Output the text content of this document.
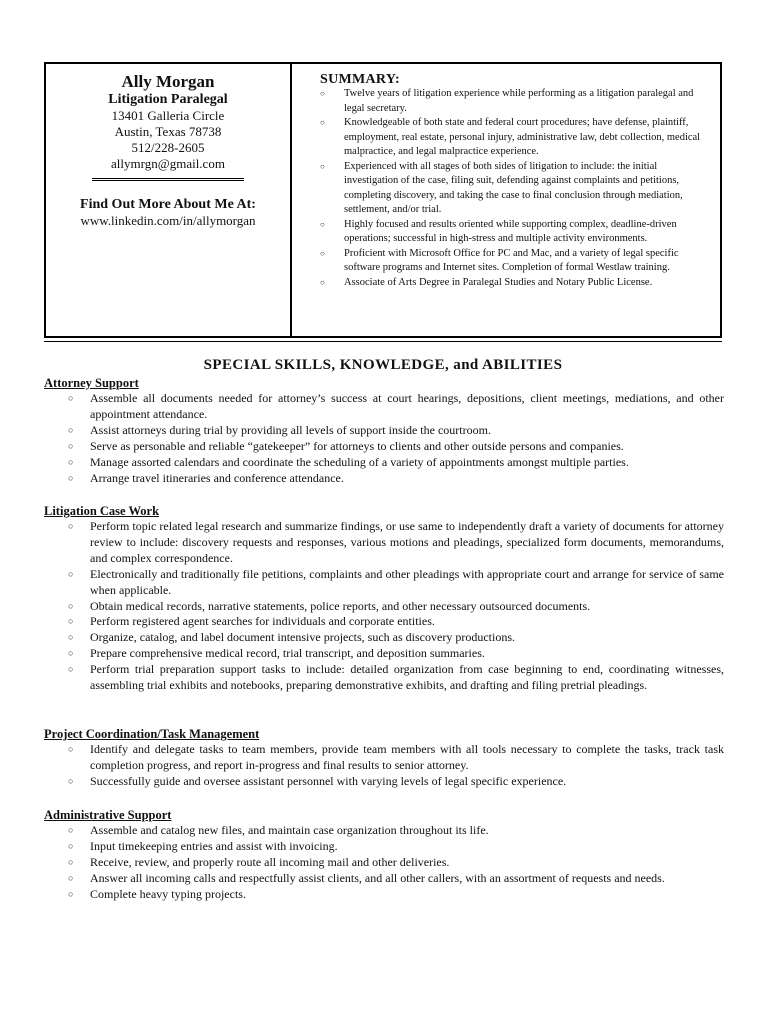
Ally Morgan
Litigation Paralegal
13401 Galleria Circle
Austin, Texas 78738
512/228-2605
allymrgn@gmail.com
Find Out More About Me At:
www.linkedin.com/in/allymorgan
SUMMARY:
○ Twelve years of litigation experience while performing as a litigation paralegal and legal secretary.
○ Knowledgeable of both state and federal court procedures; have defense, plaintiff, employment, real estate, personal injury, administrative law, debt collection, medical malpractice, and legal malpractice experience.
○ Experienced with all stages of both sides of litigation to include: the initial investigation of the case, filing suit, defending against complaints and petitions, completing discovery, and taking the case to final conclusion through mediation, settlement, and/or trial.
○ Highly focused and results oriented while supporting complex, deadline-driven operations; successful in high-stress and multiple activity environments.
○ Proficient with Microsoft Office for PC and Mac, and a variety of legal specific software programs and Internet sites. Completion of formal Westlaw training.
○ Associate of Arts Degree in Paralegal Studies and Notary Public License.
SPECIAL SKILLS, KNOWLEDGE, and ABILITIES
Attorney Support
○ Assemble all documents needed for attorney’s success at court hearings, depositions, client meetings, mediations, and other appointment attendance.
○ Assist attorneys during trial by providing all levels of support inside the courtroom.
○ Serve as personable and reliable “gatekeeper” for attorneys to clients and other outside persons and companies.
○ Manage assorted calendars and coordinate the scheduling of a variety of appointments amongst multiple parties.
○ Arrange travel itineraries and conference attendance.
Litigation Case Work
○ Perform topic related legal research and summarize findings, or use same to independently draft a variety of documents for attorney review to include: discovery requests and responses, various motions and pleadings, specialized form documents, memorandums, and complex correspondence.
○ Electronically and traditionally file petitions, complaints and other pleadings with appropriate court and arrange for service of same when applicable.
○ Obtain medical records, narrative statements, police reports, and other necessary outsourced documents.
○ Perform registered agent searches for individuals and corporate entities.
○ Organize, catalog, and label document intensive projects, such as discovery productions.
○ Prepare comprehensive medical record, trial transcript, and deposition summaries.
○ Perform trial preparation support tasks to include: detailed organization from case beginning to end, coordinating witnesses, assembling trial exhibits and notebooks, preparing demonstrative exhibits, and drafting and filing pretrial pleadings.
Project Coordination/Task Management
○ Identify and delegate tasks to team members, provide team members with all tools necessary to complete the tasks, track task completion progress, and report in-progress and final results to senior attorney.
○ Successfully guide and oversee assistant personnel with varying levels of legal specific experience.
Administrative Support
○ Assemble and catalog new files, and maintain case organization throughout its life.
○ Input timekeeping entries and assist with invoicing.
○ Receive, review, and properly route all incoming mail and other deliveries.
○ Answer all incoming calls and respectfully assist clients, and all other callers, with an assortment of requests and needs.
○ Complete heavy typing projects.
